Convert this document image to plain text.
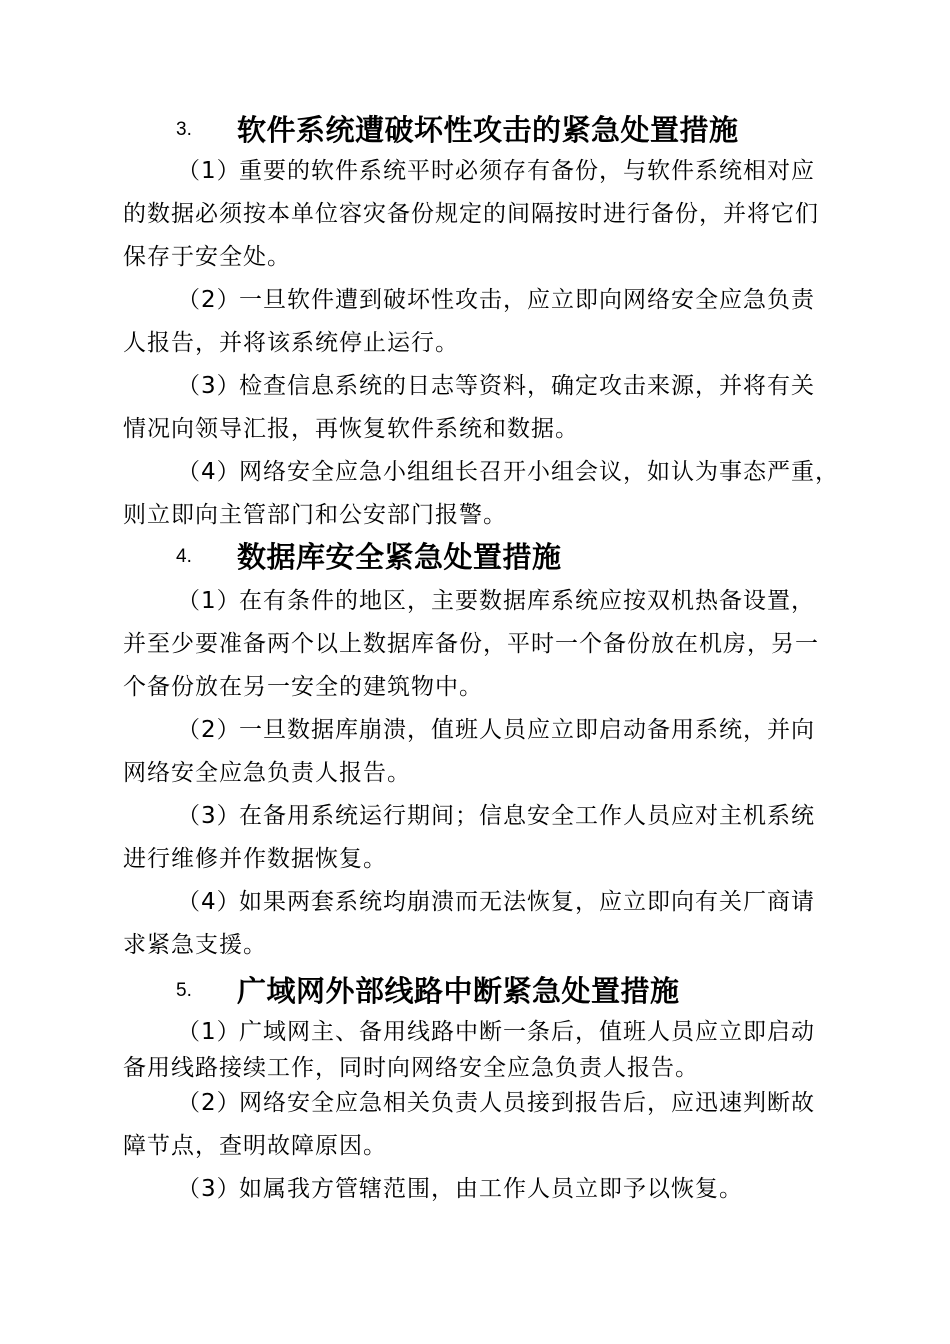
3. 软件系统遭破坏性攻击的紧急处置措施
（1）重要的软件系统平时必须存有备份，与软件系统相对应
的数据必须按本单位容灾备份规定的间隔按时进行备份，并将它们
保存于安全处。
（2）一旦软件遭到破坏性攻击，应立即向网络安全应急负责
人报告，并将该系统停止运行。
（3）检查信息系统的日志等资料，确定攻击来源，并将有关
情况向领导汇报，再恢复软件系统和数据。
（4）网络安全应急小组组长召开小组会议，如认为事态严重，
则立即向主管部门和公安部门报警。
4. 数据库安全紧急处置措施
（1）在有条件的地区，主要数据库系统应按双机热备设置，
并至少要准备两个以上数据库备份，平时一个备份放在机房，另一
个备份放在另一安全的建筑物中。
（2）一旦数据库崩溃，值班人员应立即启动备用系统，并向
网络安全应急负责人报告。
（3）在备用系统运行期间；信息安全工作人员应对主机系统
进行维修并作数据恢复。
（4）如果两套系统均崩溃而无法恢复，应立即向有关厂商请
求紧急支援。
5. 广域网外部线路中断紧急处置措施
（1）广域网主、备用线路中断一条后，值班人员应立即启动
备用线路接续工作，同时向网络安全应急负责人报告。
（2）网络安全应急相关负责人员接到报告后，应迅速判断故
障节点，查明故障原因。
（3）如属我方管辖范围，由工作人员立即予以恢复。
